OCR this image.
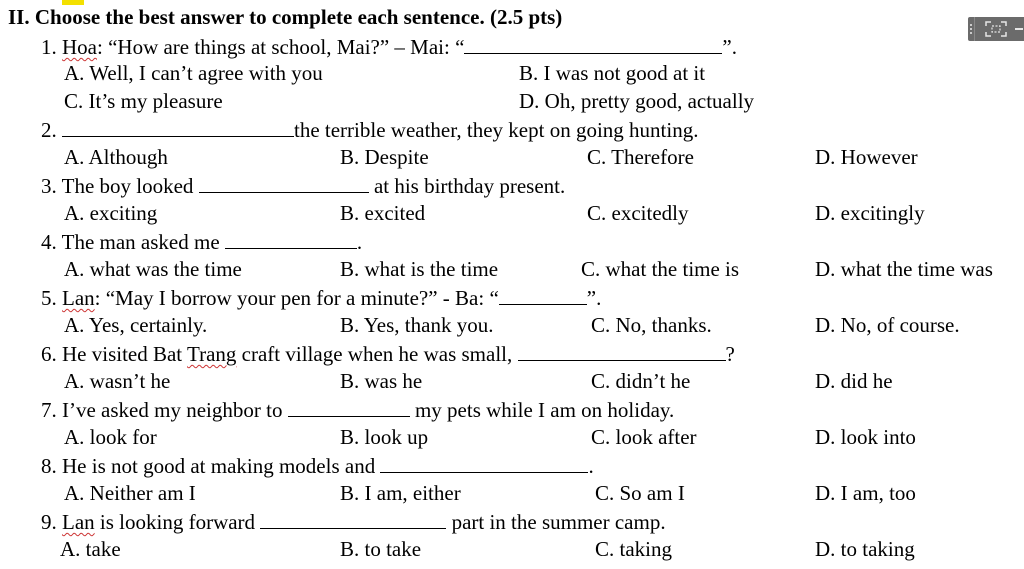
II. Choose the best answer to complete each sentence. (2.5 pts)
1. Hoa: “How are things at school, Mai?” – Mai: “	”.
A. Well, I can’t agree with you	B. I was not good at it
C. It’s my pleasure	D. Oh, pretty good, actually
2.	the terrible weather, they kept on going hunting.
A. Although	B. Despite	C. Therefore	D. However
3. The boy looked	at his birthday present.
A. exciting	B. excited	C. excitedly	D. excitingly
4. The man asked me	.
A. what was the time	B. what is the time	C. what the time is	D. what the time was
5. Lan: “May I borrow your pen for a minute?” - Ba: “	”.
A. Yes, certainly.	B. Yes, thank you.	C. No, thanks.	D. No, of course.
6. He visited Bat Trang craft village when he was small,	?
A. wasn’t he	B. was he	C. didn’t he	D. did he
7. I’ve asked my neighbor to	my pets while I am on holiday.
A. look for	B. look up	C. look after	D. look into
8. He is not good at making models and	.
A. Neither am I	B. I am, either	C. So am I	D. I am, too
9. Lan is looking forward	part in the summer camp.
A. take	B. to take	C. taking	D. to taking
